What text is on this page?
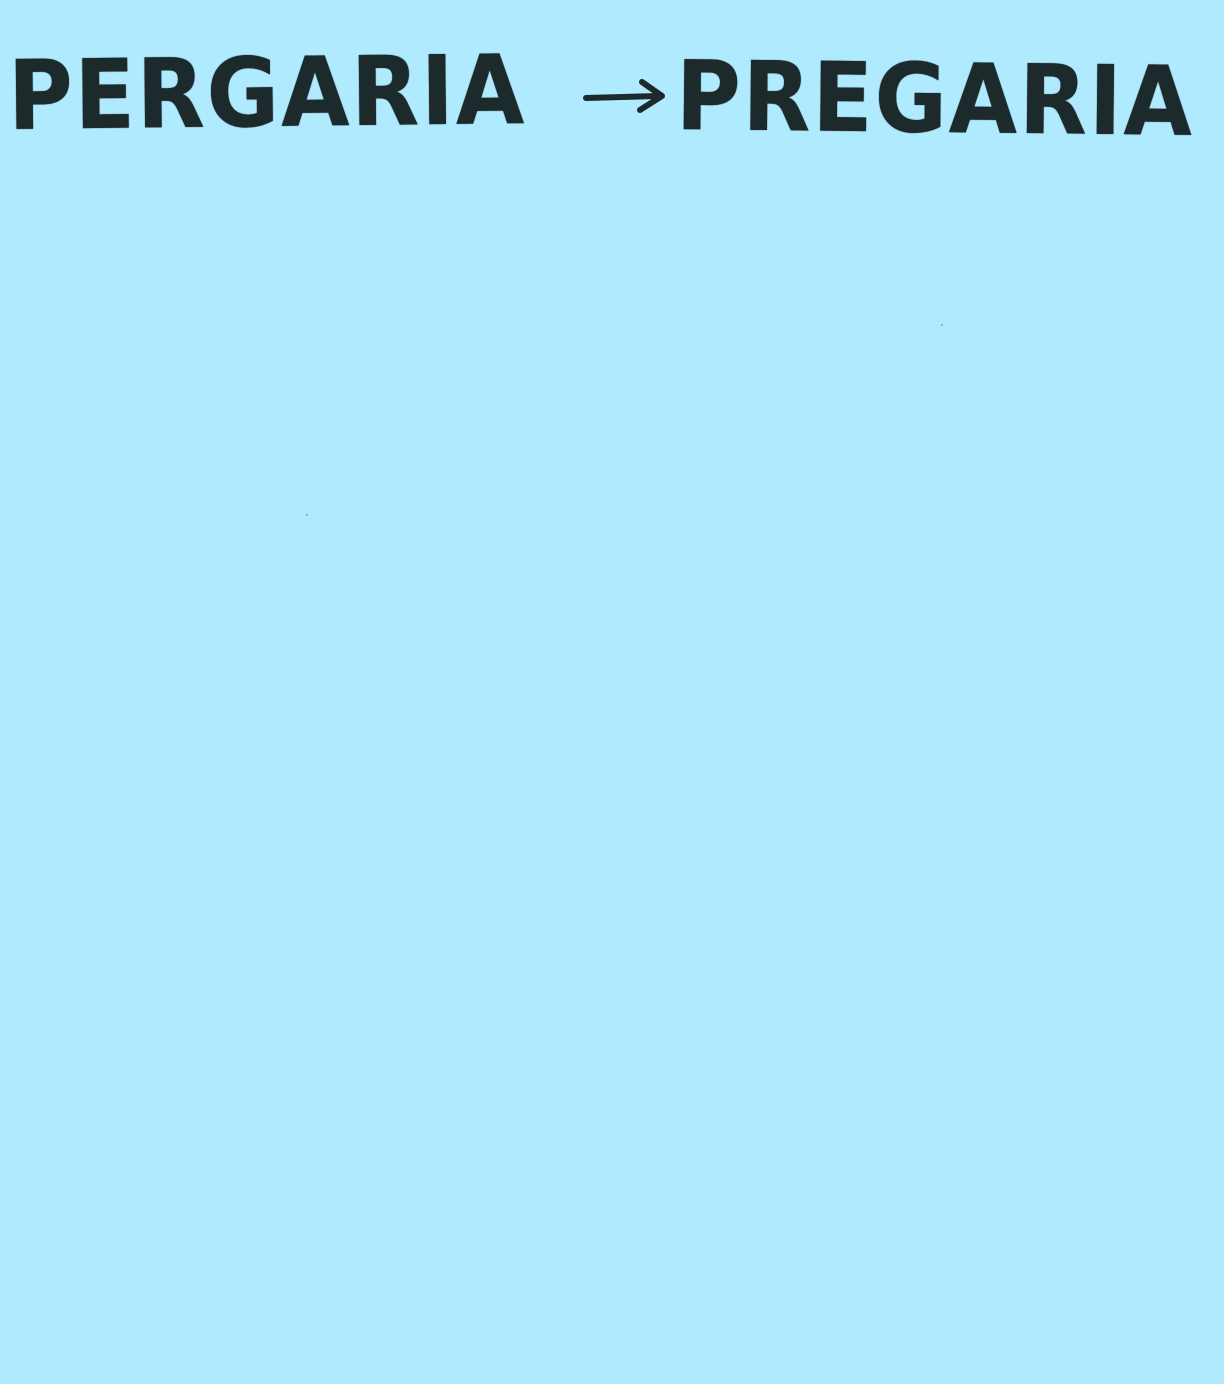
PERGARIA PREGARIA
